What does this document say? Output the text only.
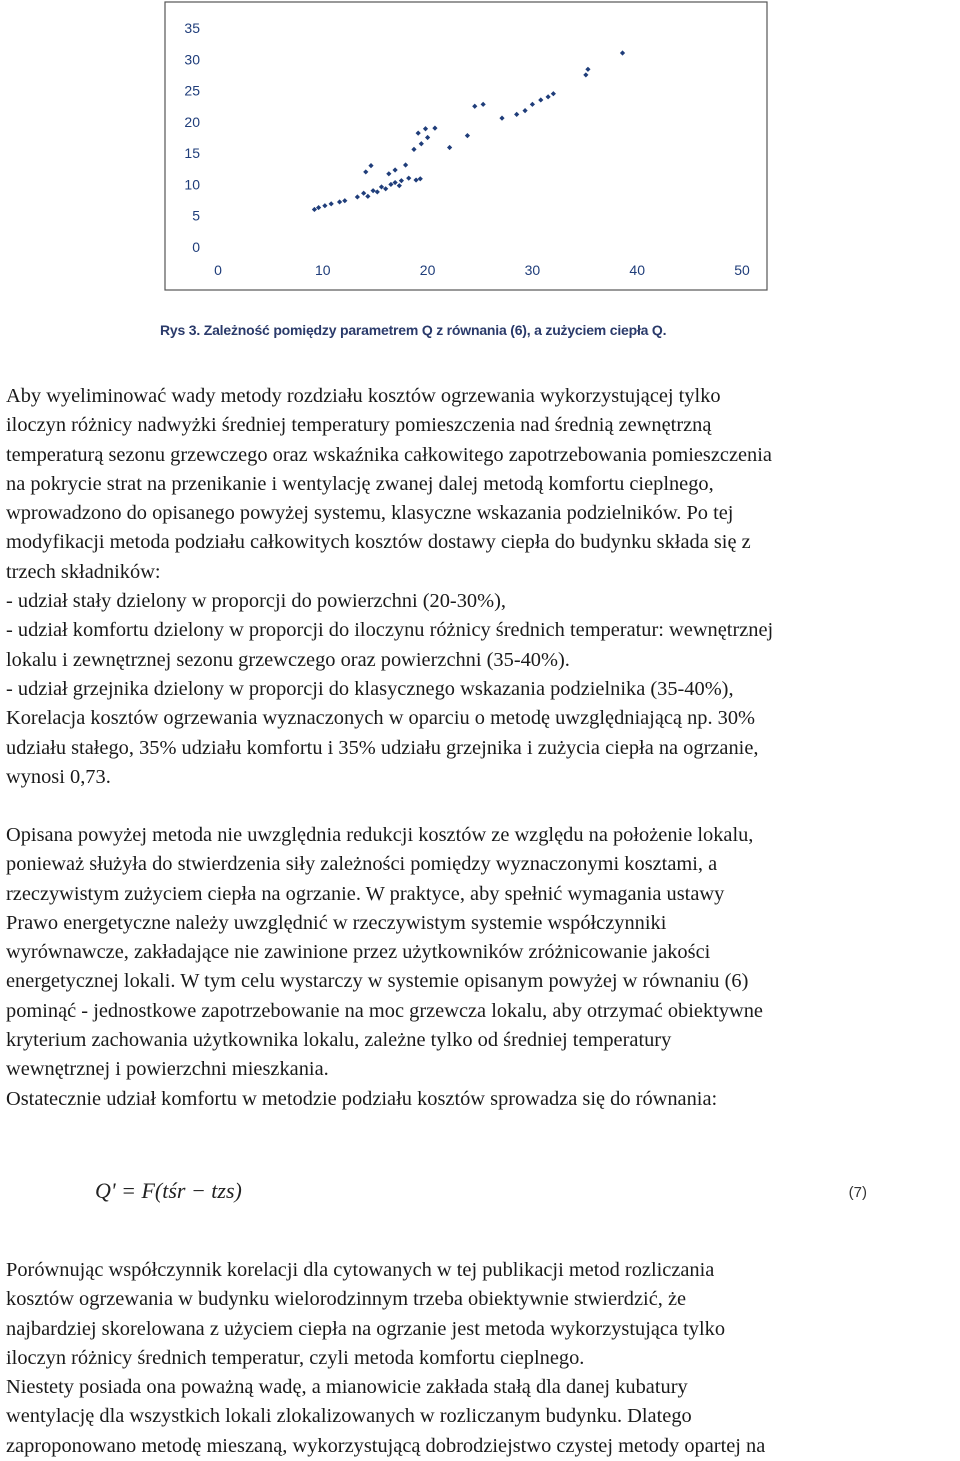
0
5
10
15
20
25
30
35
0	10	20	30	40	50
Rys 3. Zależność pomiędzy parametrem Q z równania (6), a zużyciem ciepła Q.

Aby wyeliminować wady metody rozdziału kosztów ogrzewania wykorzystującej tylko
iloczyn różnicy nadwyżki średniej temperatury pomieszczenia nad średnią zewnętrzną
temperaturą sezonu grzewczego oraz wskaźnika całkowitego zapotrzebowania pomieszczenia
na pokrycie strat na przenikanie i wentylację zwanej dalej metodą komfortu cieplnego,
wprowadzono do opisanego powyżej systemu, klasyczne wskazania podzielników. Po tej
modyfikacji metoda podziału całkowitych kosztów dostawy ciepła do budynku składa się z
trzech składników:
- udział stały dzielony w proporcji do powierzchni (20-30%),
- udział komfortu dzielony w proporcji do iloczynu różnicy średnich temperatur: wewnętrznej
lokalu i zewnętrznej sezonu grzewczego oraz powierzchni (35-40%).
- udział grzejnika dzielony w proporcji do klasycznego wskazania podzielnika (35-40%),
Korelacja kosztów ogrzewania wyznaczonych w oparciu o metodę uwzględniającą np. 30%
udziału stałego, 35% udziału komfortu i 35% udziału grzejnika i zużycia ciepła na ogrzanie,
wynosi 0,73.

Opisana powyżej metoda nie uwzględnia redukcji kosztów ze względu na położenie lokalu,
ponieważ służyła do stwierdzenia siły zależności pomiędzy wyznaczonymi kosztami, a
rzeczywistym zużyciem ciepła na ogrzanie. W praktyce, aby spełnić wymagania ustawy
Prawo energetyczne należy uwzględnić w rzeczywistym systemie współczynniki
wyrównawcze, zakładające nie zawinione przez użytkowników zróżnicowanie jakości
energetycznej lokali. W tym celu wystarczy w systemie opisanym powyżej w równaniu (6)
pominąć - jednostkowe zapotrzebowanie na moc grzewcza lokalu, aby otrzymać obiektywne
kryterium zachowania użytkownika lokalu, zależne tylko od średniej temperatury
wewnętrznej i powierzchni mieszkania.
Ostatecznie udział komfortu w metodzie podziału kosztów sprowadza się do równania:

Q' = F(tśr − tzs)	(7)

Porównując współczynnik korelacji dla cytowanych w tej publikacji metod rozliczania
kosztów ogrzewania w budynku wielorodzinnym trzeba obiektywnie stwierdzić, że
najbardziej skorelowana z użyciem ciepła na ogrzanie jest metoda wykorzystująca tylko
iloczyn różnicy średnich temperatur, czyli metoda komfortu cieplnego.
Niestety posiada ona poważną wadę, a mianowicie zakłada stałą dla danej kubatury
wentylację dla wszystkich lokali zlokalizowanych w rozliczanym budynku. Dlatego
zaproponowano metodę mieszaną, wykorzystującą dobrodziejstwo czystej metody opartej na
